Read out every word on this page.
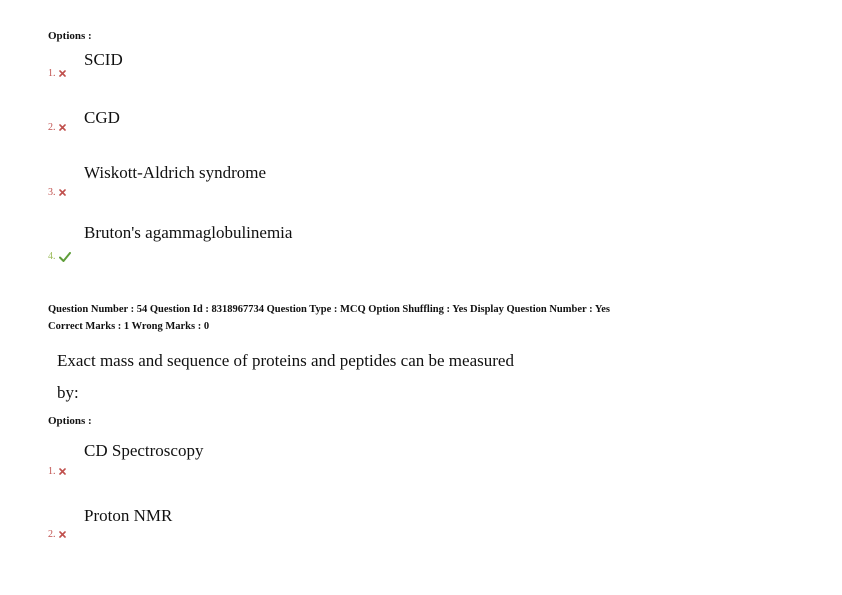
Options :
SCID
1.
CGD
2.
Wiskott-Aldrich syndrome
3.
Bruton's agammaglobulinemia
4.
Question Number : 54 Question Id : 8318967734 Question Type : MCQ Option Shuffling : Yes Display Question Number : Yes
Correct Marks : 1 Wrong Marks : 0
Exact mass and sequence of proteins and peptides can be measured
by:
Options :
CD Spectroscopy
1.
Proton NMR
2.
